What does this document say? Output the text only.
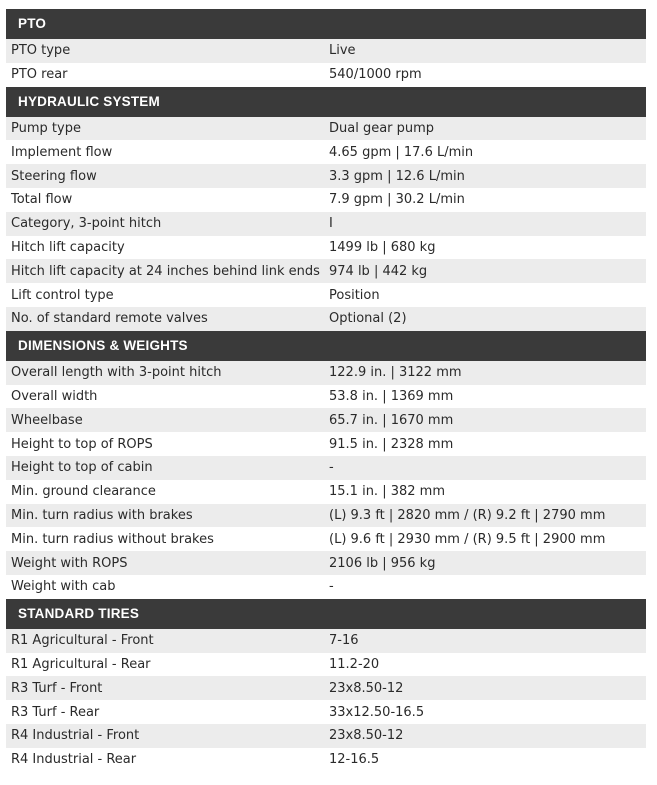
PTO
PTO type	Live
PTO rear	540/1000 rpm
HYDRAULIC SYSTEM
Pump type	Dual gear pump
Implement flow	4.65 gpm | 17.6 L/min
Steering flow	3.3 gpm | 12.6 L/min
Total flow	7.9 gpm | 30.2 L/min
Category, 3-point hitch	I
Hitch lift capacity	1499 lb | 680 kg
Hitch lift capacity at 24 inches behind link ends 974 lb | 442 kg
Lift control type	Position
No. of standard remote valves	Optional (2)
DIMENSIONS & WEIGHTS
Overall length with 3-point hitch	122.9 in. | 3122 mm
Overall width	53.8 in. | 1369 mm
Wheelbase	65.7 in. | 1670 mm
Height to top of ROPS	91.5 in. | 2328 mm
Height to top of cabin	-
Min. ground clearance	15.1 in. | 382 mm
Min. turn radius with brakes	(L) 9.3 ft | 2820 mm / (R) 9.2 ft | 2790 mm
Min. turn radius without brakes	(L) 9.6 ft | 2930 mm / (R) 9.5 ft | 2900 mm
Weight with ROPS	2106 lb | 956 kg
Weight with cab	-
STANDARD TIRES
R1 Agricultural - Front	7-16
R1 Agricultural - Rear	11.2-20
R3 Turf - Front	23x8.50-12
R3 Turf - Rear	33x12.50-16.5
R4 Industrial - Front	23x8.50-12
R4 Industrial - Rear	12-16.5
